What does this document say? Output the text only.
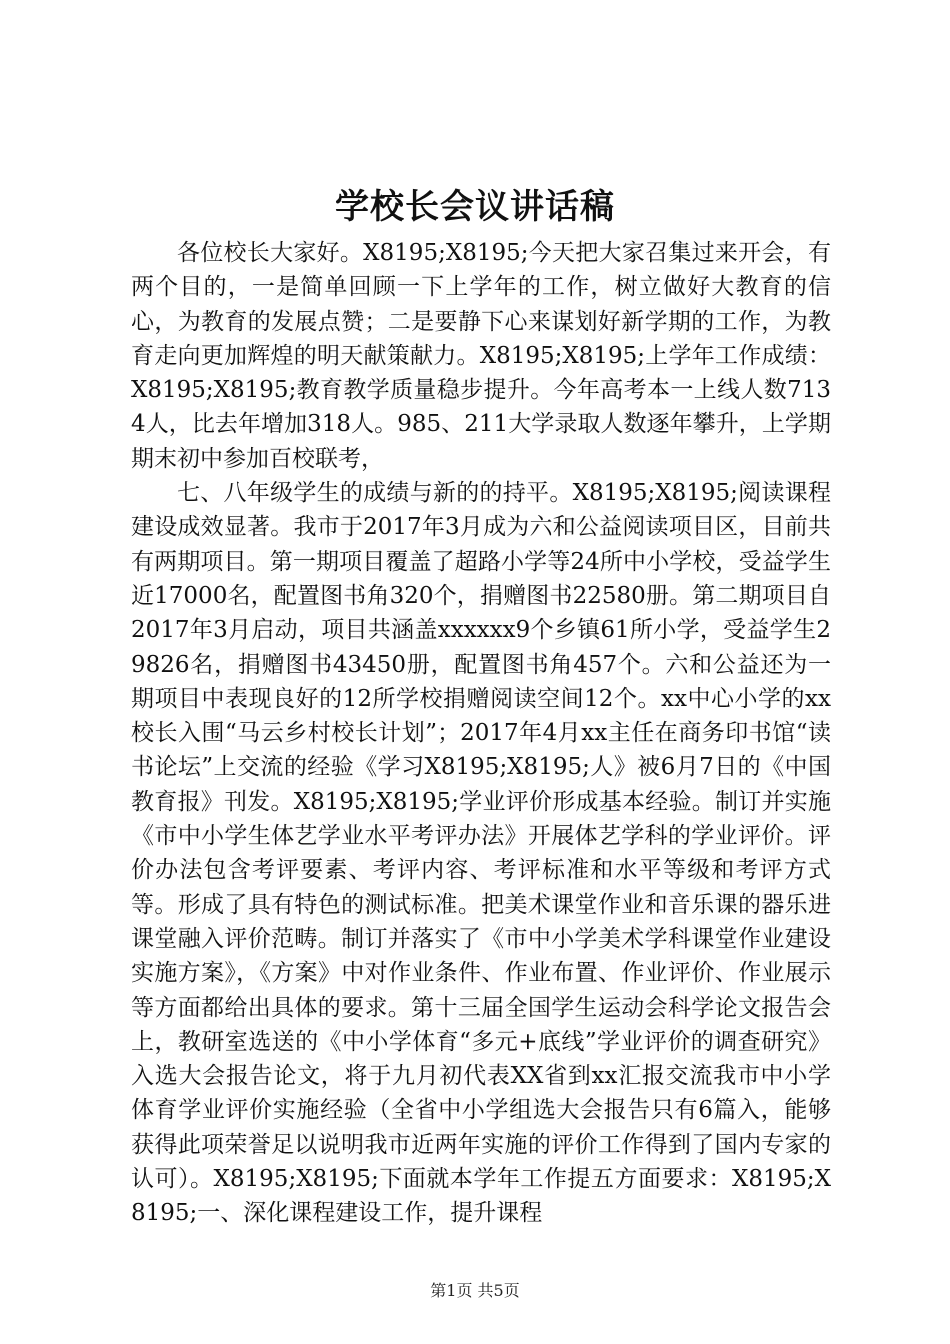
学校长会议讲话稿

各位校长大家好。X8195;X8195;今天把大家召集过来开会，有两个目的，一是简单回顾一下上学年的工作，树立做好大教育的信心，为教育的发展点赞；二是要静下心来谋划好新学期的工作，为教育走向更加辉煌的明天献策献力。X8195;X8195;上学年工作成绩：X8195;X8195;教育教学质量稳步提升。今年高考本一上线人数7134人，比去年增加318人。985、211大学录取人数逐年攀升，上学期期末初中参加百校联考，

七、八年级学生的成绩与新的的持平。X8195;X8195;阅读课程建设成效显著。我市于2017年3月成为六和公益阅读项目区，目前共有两期项目。第一期项目覆盖了超路小学等24所中小学校，受益学生近17000名，配置图书角320个，捐赠图书22580册。第二期项目自2017年3月启动，项目共涵盖xxxxxx9个乡镇61所小学，受益学生29826名，捐赠图书43450册，配置图书角457个。六和公益还为一期项目中表现良好的12所学校捐赠阅读空间12个。xx中心小学的xx校长入围“马云乡村校长计划”；2017年4月xx主任在商务印书馆“读书论坛”上交流的经验《学习X8195;X8195;人》被6月7日的《中国教育报》刊发。X8195;X8195;学业评价形成基本经验。制订并实施《市中小学生体艺学业水平考评办法》开展体艺学科的学业评价。评价办法包含考评要素、考评内容、考评标准和水平等级和考评方式等。形成了具有特色的测试标准。把美术课堂作业和音乐课的器乐进课堂融入评价范畴。制订并落实了《市中小学美术学科课堂作业建设实施方案》，《方案》中对作业条件、作业布置、作业评价、作业展示等方面都给出具体的要求。第十三届全国学生运动会科学论文报告会上，教研室选送的《中小学体育“多元+底线”学业评价的调查研究》入选大会报告论文，将于九月初代表XX省到xx汇报交流我市中小学体育学业评价实施经验（全省中小学组选大会报告只有6篇入，能够获得此项荣誉足以说明我市近两年实施的评价工作得到了国内专家的认可）。X8195;X8195;下面就本学年工作提五方面要求：X8195;X8195;一、深化课程建设工作，提升课程

第1页 共5页
